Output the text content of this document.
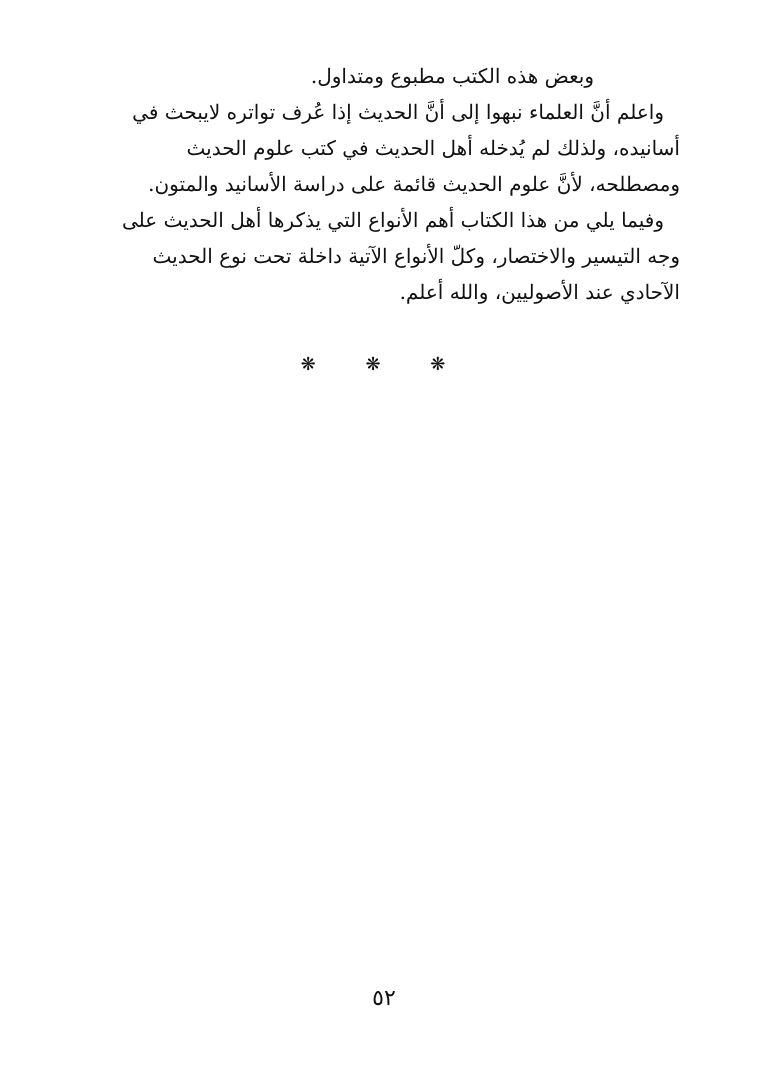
وبعض هذه الكتب مطبوع ومتداول.
واعلم أنَّ العلماء نبهوا إلى أنَّ الحديث إذا عُرف تواتره لايبحث في
أسانيده، ولذلك لم يُدخله أهل الحديث في كتب علوم الحديث
ومصطلحه، لأنَّ علوم الحديث قائمة على دراسة الأسانيد والمتون.
وفيما يلي من هذا الكتاب أهم الأنواع التي يذكرها أهل الحديث على
وجه التيسير والاختصار، وكلّ الأنواع الآتية داخلة تحت نوع الحديث
الآحادي عند الأصوليين، والله أعلم.
❋ ❋ ❋
٥٢
